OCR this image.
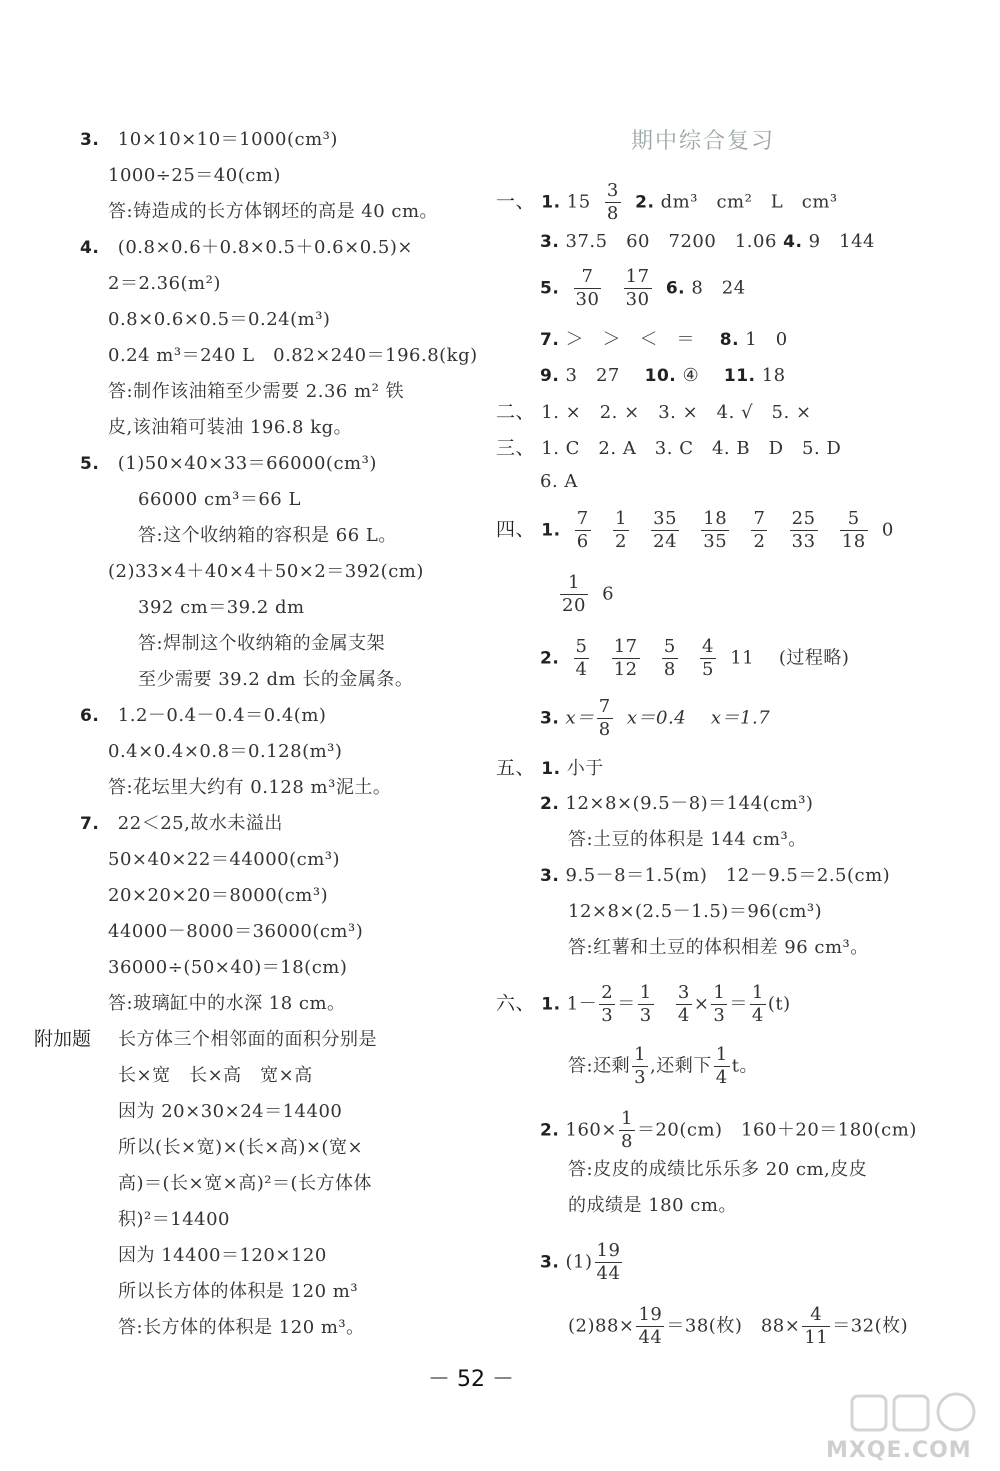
3.　 10×10×10＝1000(cm³)
1000÷25＝40(cm)
答:铸造成的长方体钢坯的高是 40 cm。
4.　 (0.8×0.6＋0.8×0.5＋0.6×0.5)×
2＝2.36(m²)
0.8×0.6×0.5＝0.24(m³)
0.24 m³＝240 L　0.82×240＝196.8(kg)
答:制作该油箱至少需要 2.36 m² 铁
皮,该油箱可装油 196.8 kg。
5.　 (1)50×40×33＝66000(cm³)
66000 cm³＝66 L
答:这个收纳箱的容积是 66 L。
(2)33×4＋40×4＋50×2＝392(cm)
392 cm＝39.2 dm
答:焊制这个收纳箱的金属支架
至少需要 39.2 dm 长的金属条。
6.　 1.2－0.4－0.4＝0.4(m)
0.4×0.4×0.8＝0.128(m³)
答:花坛里大约有 0.128 m³泥土。
7.　 22＜25,故水未溢出
50×40×22＝44000(cm³)
20×20×20＝8000(cm³)
44000－8000＝36000(cm³)
36000÷(50×40)＝18(cm)
答:玻璃缸中的水深 18 cm。
附加题 长方体三个相邻面的面积分别是
长×宽　长×高　宽×高
因为 20×30×24＝14400
所以(长×宽)×(长×高)×(宽×
高)＝(长×宽×高)²＝(长方体体
积)²＝14400
因为 14400＝120×120
所以长方体的体积是 120 m³
答:长方体的体积是 120 m³。
期中综合复习
一、 1. $15 \frac{3}{8} 2$. dm³　cm²　L　cm³
3. 37.5　60　7200　1.06 4. 9　144
5. $\frac{7}{30}$
$\frac{17}{30} 6$. 8　24
7. ＞　＞　＜　＝　 8. 1　0
9. 3　27　 10. ④　 11. 18
二、 1. ×　2. ×　3. ×　4. √　5. ×
三、 1. C　2. A　3. C　4. B　D　5. D
6. A
四、 1. $\frac{7}{6}$
$\frac{1}{2}$
$\frac{35}{24}$
$\frac{18}{35}$
$\frac{7}{2}$
$\frac{25}{33}$
$\frac{5}{18} 0$
$\frac{1}{20} 6$
2. $\frac{5}{4}$
$\frac{17}{12}$
$\frac{5}{8}$
$\frac{4}{5} 11$　 (过程略)
3. $x= \frac{7}{8} x=0.4$　 x＝1.7
五、 1. 小于
2. 12×8×(9.5－8)＝144(cm³)
答:土豆的体积是 144 cm³。
3. 9.5－8＝1.5(m)　12－9.5＝2.5(cm)
12×8×(2.5－1.5)＝96(cm³)
答:红薯和土豆的体积相差 96 cm³。
六、 1. $1- \frac{2}{3} = \frac{1}{3}$
$\frac{3}{4} \times \frac{1}{3} = \frac{1}{4} (t)$
答:还剩 $\frac{1}{3}$ ,还剩下 $\frac{1}{4}$ t。
2. $160\times \frac{1}{8} =20(cm)$　160＋20＝180(cm)
答:皮皮的成绩比乐乐多 20 cm,皮皮
的成绩是 180 cm。
3. $(1) \frac{19}{44}$
$(2)88\times \frac{19}{44} =38$(枚)　$88\times \frac{4}{11} =32$(枚)
－ 52 －
MXQE.COM
